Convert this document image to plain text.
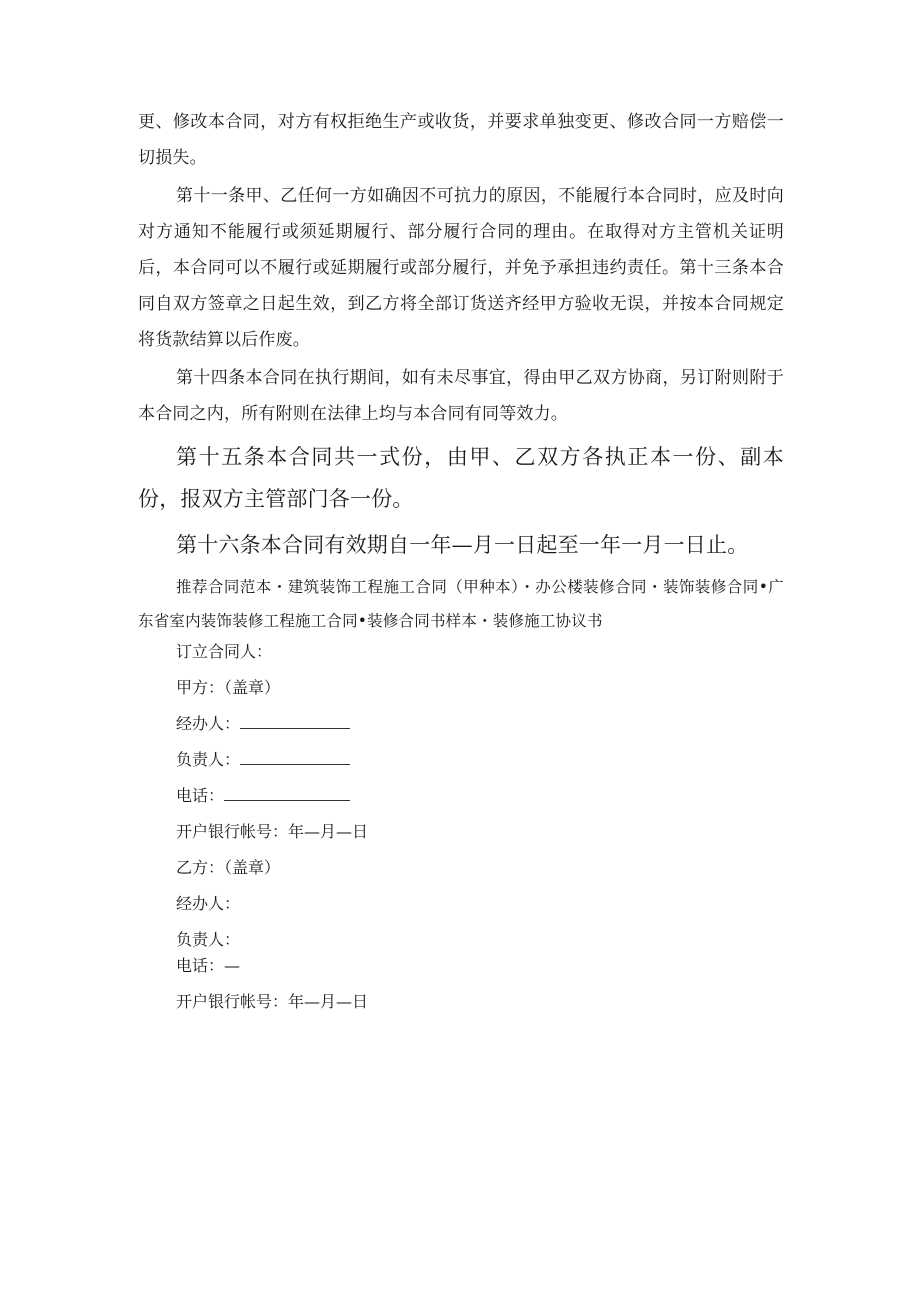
更、修改本合同，对方有权拒绝生产或收货，并要求单独变更、修改合同一方赔偿一切损失。

第十一条甲、乙任何一方如确因不可抗力的原因，不能履行本合同时，应及时向对方通知不能履行或须延期履行、部分履行合同的理由。在取得对方主管机关证明后，本合同可以不履行或延期履行或部分履行，并免予承担违约责任。第十三条本合同自双方签章之日起生效，到乙方将全部订货送齐经甲方验收无误，并按本合同规定将货款结算以后作废。

第十四条本合同在执行期间，如有未尽事宜，得由甲乙双方协商，另订附则附于本合同之内，所有附则在法律上均与本合同有同等效力。

第十五条本合同共一式份，由甲、乙双方各执正本一份、副本份，报双方主管部门各一份。

第十六条本合同有效期自一年—月一日起至一年一月一日止。

推荐合同范本・建筑装饰工程施工合同（甲种本）・办公楼装修合同・装饰装修合同•广东省室内装饰装修工程施工合同•装修合同书样本・装修施工协议书

订立合同人：
甲方：（盖章）
经办人：
负责人：
电话：
开户银行帐号：年—月—日
乙方：（盖章）
经办人：
负责人：
电话：—
开户银行帐号：年—月—日
